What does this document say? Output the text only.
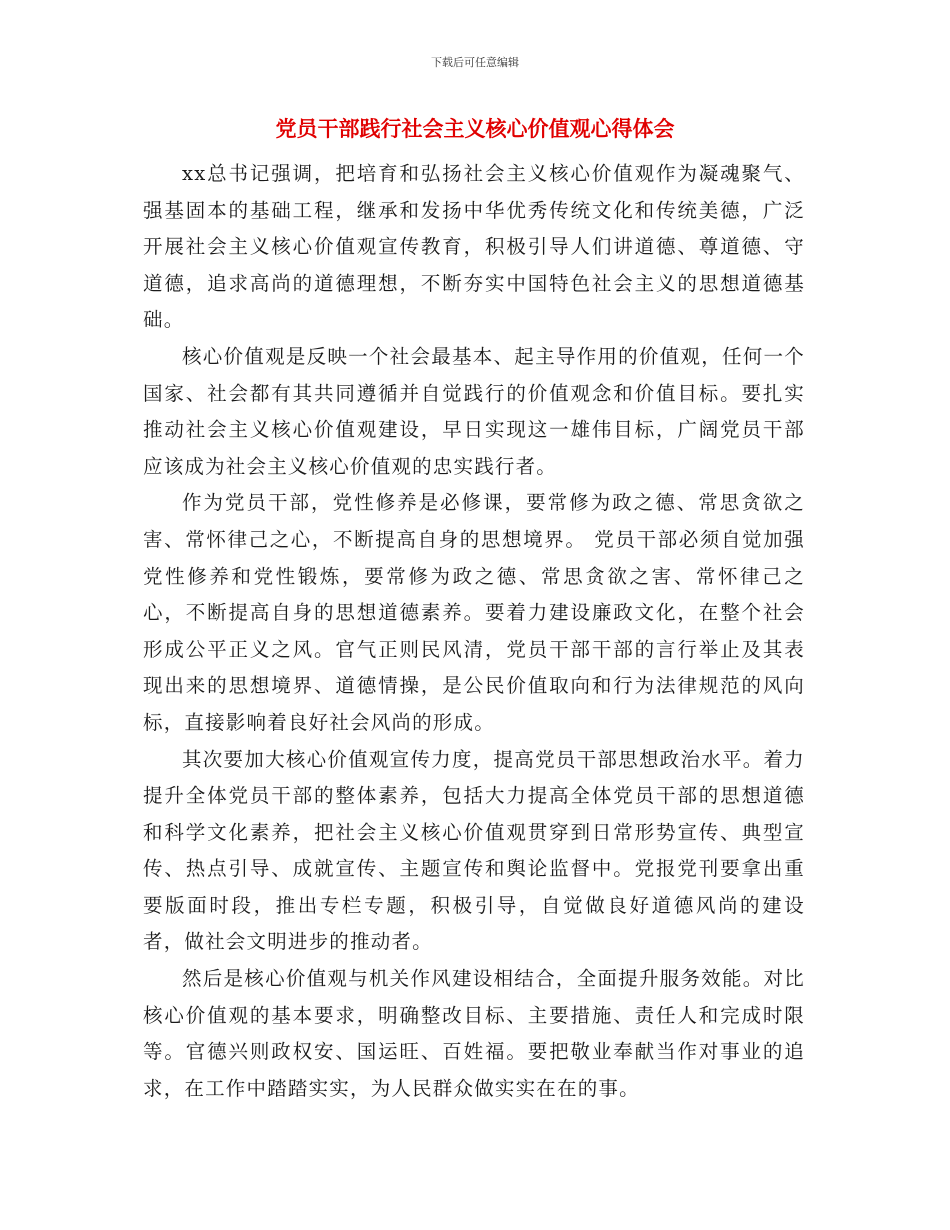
下载后可任意编辑
党员干部践行社会主义核心价值观心得体会

xx总书记强调，把培育和弘扬社会主义核心价值观作为凝魂聚气、强基固本的基础工程，继承和发扬中华优秀传统文化和传统美德，广泛开展社会主义核心价值观宣传教育，积极引导人们讲道德、尊道德、守道德，追求高尚的道德理想，不断夯实中国特色社会主义的思想道德基础。

核心价值观是反映一个社会最基本、起主导作用的价值观，任何一个国家、社会都有其共同遵循并自觉践行的价值观念和价值目标。要扎实推动社会主义核心价值观建设，早日实现这一雄伟目标，广阔党员干部应该成为社会主义核心价值观的忠实践行者。

作为党员干部，党性修养是必修课，要常修为政之德、常思贪欲之害、常怀律己之心，不断提高自身的思想境界。 党员干部必须自觉加强党性修养和党性锻炼，要常修为政之德、常思贪欲之害、常怀律己之心，不断提高自身的思想道德素养。要着力建设廉政文化，在整个社会形成公平正义之风。官气正则民风清，党员干部干部的言行举止及其表现出来的思想境界、道德情操，是公民价值取向和行为法律规范的风向标，直接影响着良好社会风尚的形成。

其次要加大核心价值观宣传力度，提高党员干部思想政治水平。着力提升全体党员干部的整体素养，包括大力提高全体党员干部的思想道德和科学文化素养，把社会主义核心价值观贯穿到日常形势宣传、典型宣传、热点引导、成就宣传、主题宣传和舆论监督中。党报党刊要拿出重要版面时段，推出专栏专题，积极引导，自觉做良好道德风尚的建设者，做社会文明进步的推动者。

然后是核心价值观与机关作风建设相结合，全面提升服务效能。对比核心价值观的基本要求，明确整改目标、主要措施、责任人和完成时限等。官德兴则政权安、国运旺、百姓福。要把敬业奉献当作对事业的追求，在工作中踏踏实实，为人民群众做实实在在的事。
